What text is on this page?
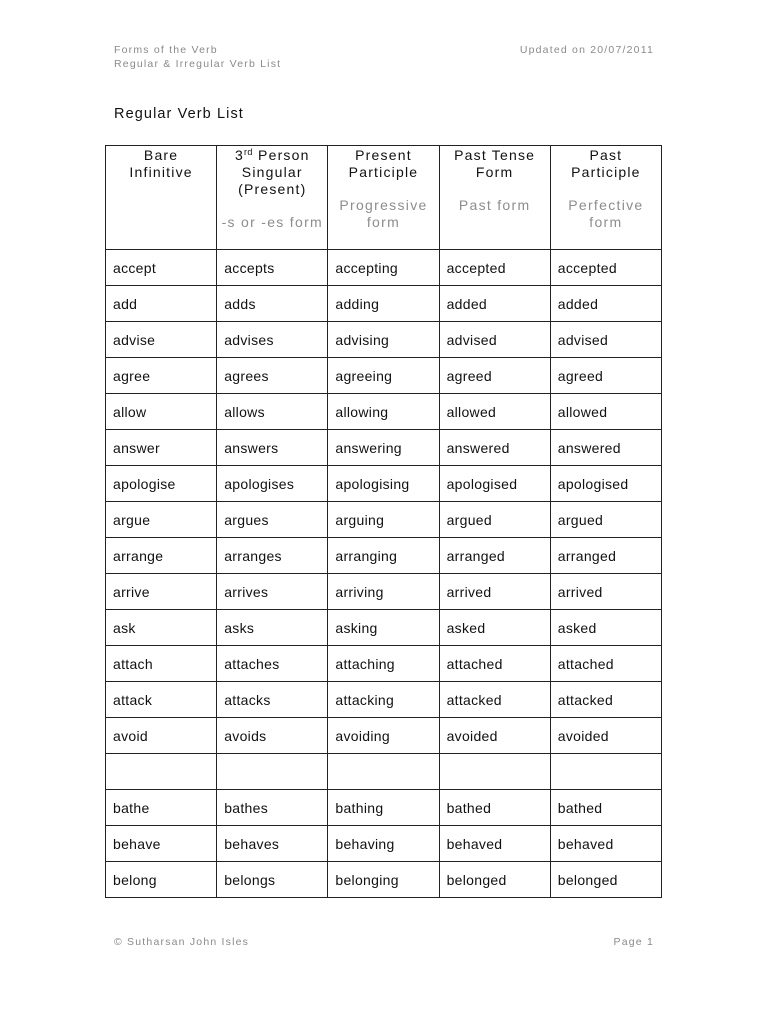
Forms of the Verb
Regular & Irregular Verb List
Updated on 20/07/2011
Regular Verb List
Bare
Infinitive	3rd Person
Singular
(Present)
-s or -es form	Present
Participle
Progressive form	Past Tense
Form
Past form	Past
Participle
Perfective form

accept	accepts	accepting	accepted	accepted
add	adds	adding	added	added
advise	advises	advising	advised	advised
agree	agrees	agreeing	agreed	agreed
allow	allows	allowing	allowed	allowed
answer	answers	answering	answered	answered
apologise	apologises	apologising	apologised	apologised
argue	argues	arguing	argued	argued
arrange	arranges	arranging	arranged	arranged
arrive	arrives	arriving	arrived	arrived
ask	asks	asking	asked	asked
attach	attaches	attaching	attached	attached
attack	attacks	attacking	attacked	attacked
avoid	avoids	avoiding	avoided	avoided

bathe	bathes	bathing	bathed	bathed
behave	behaves	behaving	behaved	behaved
belong	belongs	belonging	belonged	belonged
© Sutharsan John Isles	Page 1
